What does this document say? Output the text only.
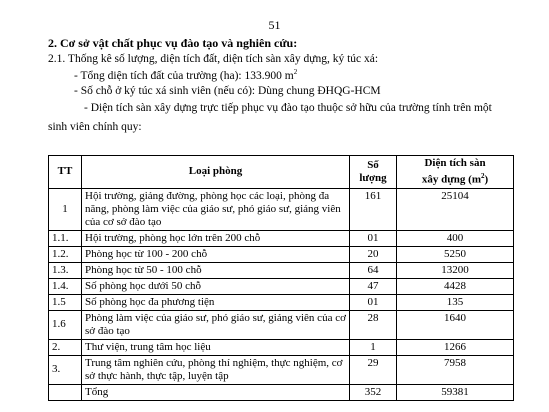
51
2. Cơ sở vật chất phục vụ đào tạo và nghiên cứu:
2.1. Thống kê số lượng, diện tích đất, diện tích sàn xây dựng, ký túc xá:
- Tổng diện tích đất của trường (ha): 133.900 $m^2$
- Số chỗ ở ký túc xá sinh viên (nếu có): Dùng chung ĐHQG-HCM
- Diện tích sàn xây dựng trực tiếp phục vụ đào tạo thuộc sở hữu của trường tính trên một
sinh viên chính quy:
TT	Loại phòng	Số
lượng	Diện tích sàn
xây dựng $(m^2)$
1	Hội trường, giảng đường, phòng học các loại, phòng đa năng, phòng làm việc của giáo sư, phó giáo sư, giảng viên của cơ sở đào tạo	161	25104
1.1.	Hội trường, phòng học lớn trên 200 chỗ	01	400
1.2.	Phòng học từ 100 - 200 chỗ	20	5250
1.3.	Phòng học từ 50 - 100 chỗ	64	13200
1.4.	Số phòng học dưới 50 chỗ	47	4428
1.5	Số phòng học đa phương tiện	01	135
1.6	Phòng làm việc của giáo sư, phó giáo sư, giảng viên của cơ sở đào tạo	28	1640
2.	Thư viện, trung tâm học liệu	1	1266
3.	Trung tâm nghiên cứu, phòng thí nghiệm, thực nghiệm, cơ sở thực hành, thực tập, luyện tập	29	7958
	Tổng	352	59381
